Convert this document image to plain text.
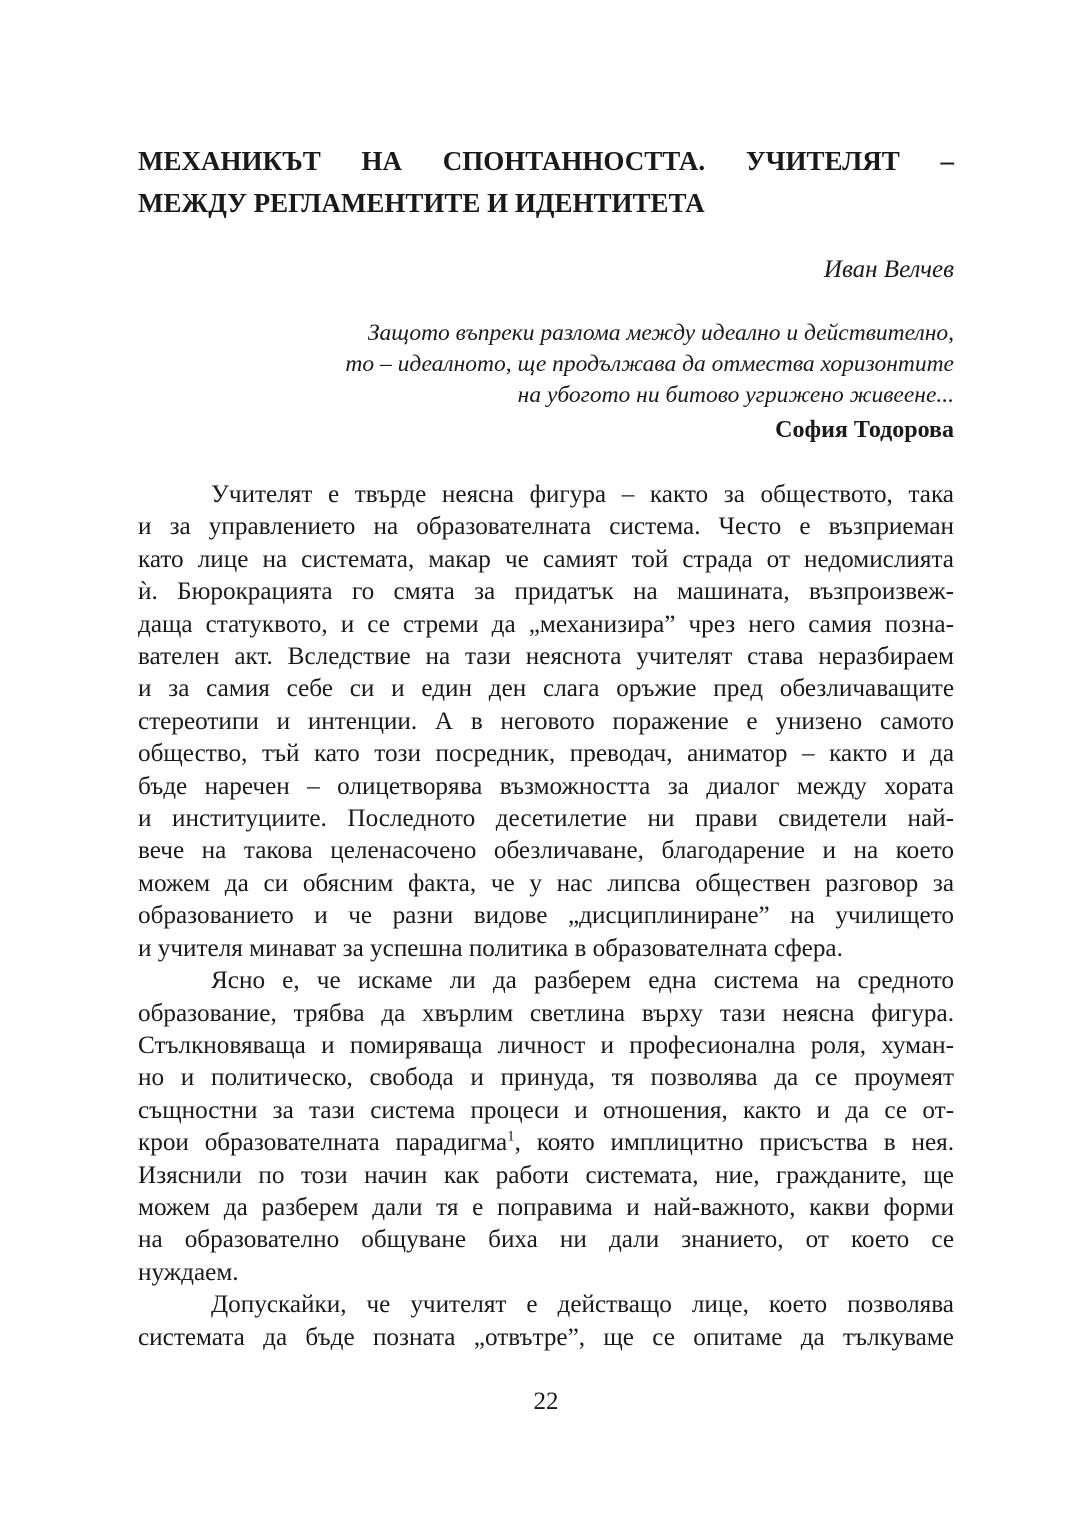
МЕХАНИКЪТ НА СПОНТАННОСТТА. УЧИТЕЛЯТ –
МЕЖДУ РЕГЛАМЕНТИТЕ И ИДЕНТИТЕТА
Иван Велчев
Защото въпреки разлома между идеално и действително,
то – идеалното, ще продължава да отмества хоризонтите
на убогото ни битово угрижено живеене...
София Тодорова

Учителят е твърде неясна фигура – както за обществото, така
и за управлението на образователната система. Често е възприеман
като лице на системата, макар че самият той страда от недомислията
ѝ. Бюрокрацията го смята за придатък на машината, възпроизвеж-
даща статуквото, и се стреми да „механизира” чрез него самия позна-
вателен акт. Вследствие на тази неяснота учителят става неразбираем
и за самия себе си и един ден слага оръжие пред обезличаващите
стереотипи и интенции. А в неговото поражение е унизено самото
общество, тъй като този посредник, преводач, аниматор – както и да
бъде наречен – олицетворява възможността за диалог между хората
и институциите. Последното десетилетие ни прави свидетели най-
вече на такова целенасочено обезличаване, благодарение и на което
можем да си обясним факта, че у нас липсва обществен разговор за
образованието и че разни видове „дисциплиниране” на училището
и учителя минават за успешна политика в образователната сфера.

Ясно е, че искаме ли да разберем една система на средното
образование, трябва да хвърлим светлина върху тази неясна фигура.
Стълкновяваща и помиряваща личност и професионална роля, хуман-
но и политическо, свобода и принуда, тя позволява да се проумеят
същностни за тази система процеси и отношения, както и да се от-
крои образователната парадигма$^1$, която имплицитно присъства в нея.
Изяснили по този начин как работи системата, ние, гражданите, ще
можем да разберем дали тя е поправима и най-важното, какви форми
на образователно общуване биха ни дали знанието, от което се
нуждаем.

Допускайки, че учителят е действащо лице, което позволява
системата да бъде позната „отвътре”, ще се опитаме да тълкуваме

22
